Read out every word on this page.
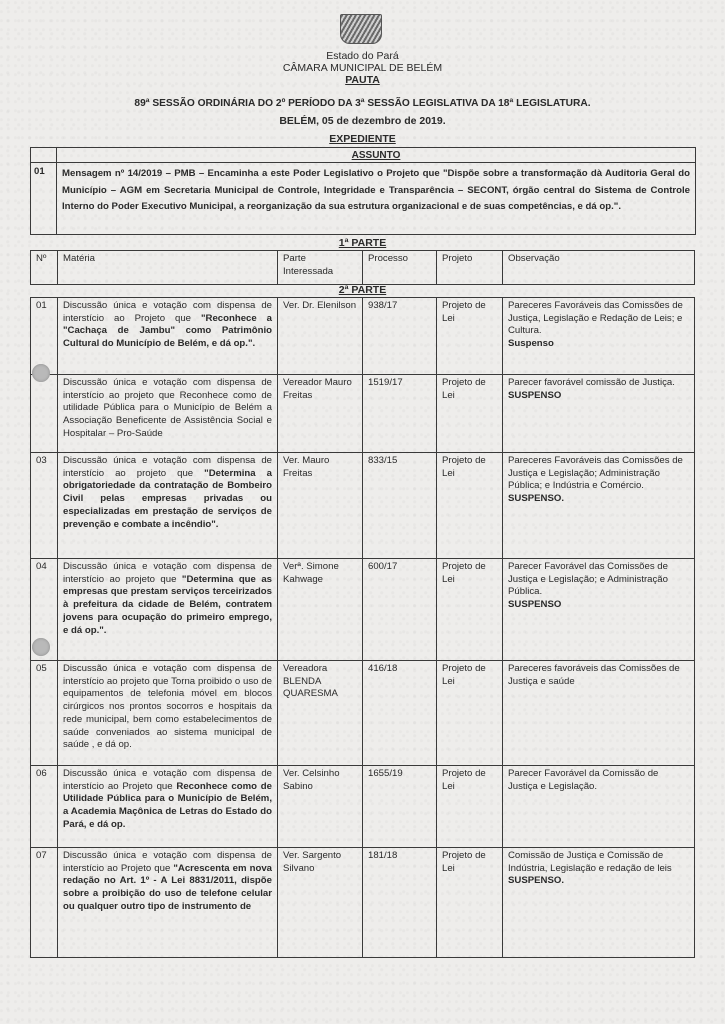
Estado do Pará
CÂMARA MUNICIPAL DE BELÉM
PAUTA
89ª SESSÃO ORDINÁRIA DO 2º PERÍODO DA 3ª SESSÃO LEGISLATIVA DA 18ª LEGISLATURA.
BELÉM, 05 de dezembro de 2019.
EXPEDIENTE
ASSUNTO
01	Mensagem nº 14/2019 – PMB – Encaminha a este Poder Legislativo o Projeto que "Dispõe sobre a transformação dà Auditoria Geral do Município – AGM em Secretaria Municipal de Controle, Integridade e Transparência – SECONT, órgão central do Sistema de Controle Interno do Poder Executivo Municipal, a reorganização da sua estrutura organizacional e de suas competências, e dá op.".
1ª PARTE
Nº	Matéria	Parte Interessada	Processo	Projeto	Observação
2ª PARTE
01	Discussão única e votação com dispensa de interstício ao Projeto que "Reconhece a "Cachaça de Jambu" como Patrimônio Cultural do Município de Belém, e dá op.".	Ver. Dr. Elenilson	938/17	Projeto de Lei	Pareceres Favoráveis das Comissões de Justiça, Legislação e Redação de Leis; e Cultura.
Suspenso

	Discussão única e votação com dispensa de interstício ao projeto que Reconhece como de utilidade Pública para o Município de Belém a Associação Beneficente de Assistência Social e Hospitalar – Pro-Saúde	Vereador Mauro Freitas	1519/17	Projeto de Lei	Parecer favorável comissão de Justiça.
SUSPENSO

03	Discussão única e votação com dispensa de interstício ao projeto que "Determina a obrigatoriedade da contratação de Bombeiro Civil pelas empresas privadas ou especializadas em prestação de serviços de prevenção e combate a incêndio".	Ver. Mauro Freitas	833/15	Projeto de Lei	Pareceres Favoráveis das Comissões de Justiça e Legislação; Administração Pública; e Indústria e Comércio.
SUSPENSO.

04	Discussão única e votação com dispensa de interstício ao projeto que "Determina que as empresas que prestam serviços terceirizados à prefeitura da cidade de Belém, contratem jovens para ocupação do primeiro emprego, e dá op.".	Verª. Simone Kahwage	600/17	Projeto de Lei	Parecer Favorável das Comissões de Justiça e Legislação; e Administração Pública.
SUSPENSO

05	Discussão única e votação com dispensa de interstício ao projeto que Torna proibido o uso de equipamentos de telefonia móvel em blocos cirúrgicos nos prontos socorros e hospitais da rede municipal, bem como estabelecimentos de saúde conveniados ao sistema municipal de saúde , e dá op.	Vereadora BLENDA QUARESMA	416/18	Projeto de Lei	Pareceres favoráveis das Comissões de Justiça e saúde

06	Discussão única e votação com dispensa de interstício ao Projeto que Reconhece como de Utilidade Pública para o Município de Belém, a Academia Maçônica de Letras do Estado do Pará, e dá op.	Ver. Celsinho Sabino	1655/19	Projeto de Lei	Parecer Favorável da Comissão de Justiça e Legislação.

07	Discussão única e votação com dispensa de interstício ao Projeto que "Acrescenta em nova redação no Art. 1º - A Lei 8831/2011, dispõe sobre a proibição do uso de telefone celular ou qualquer outro tipo de instrumento de	Ver. Sargento Silvano	181/18	Projeto de Lei	Comissão de Justiça e Comissão de Indústria, Legislação e redação de leis
SUSPENSO.
